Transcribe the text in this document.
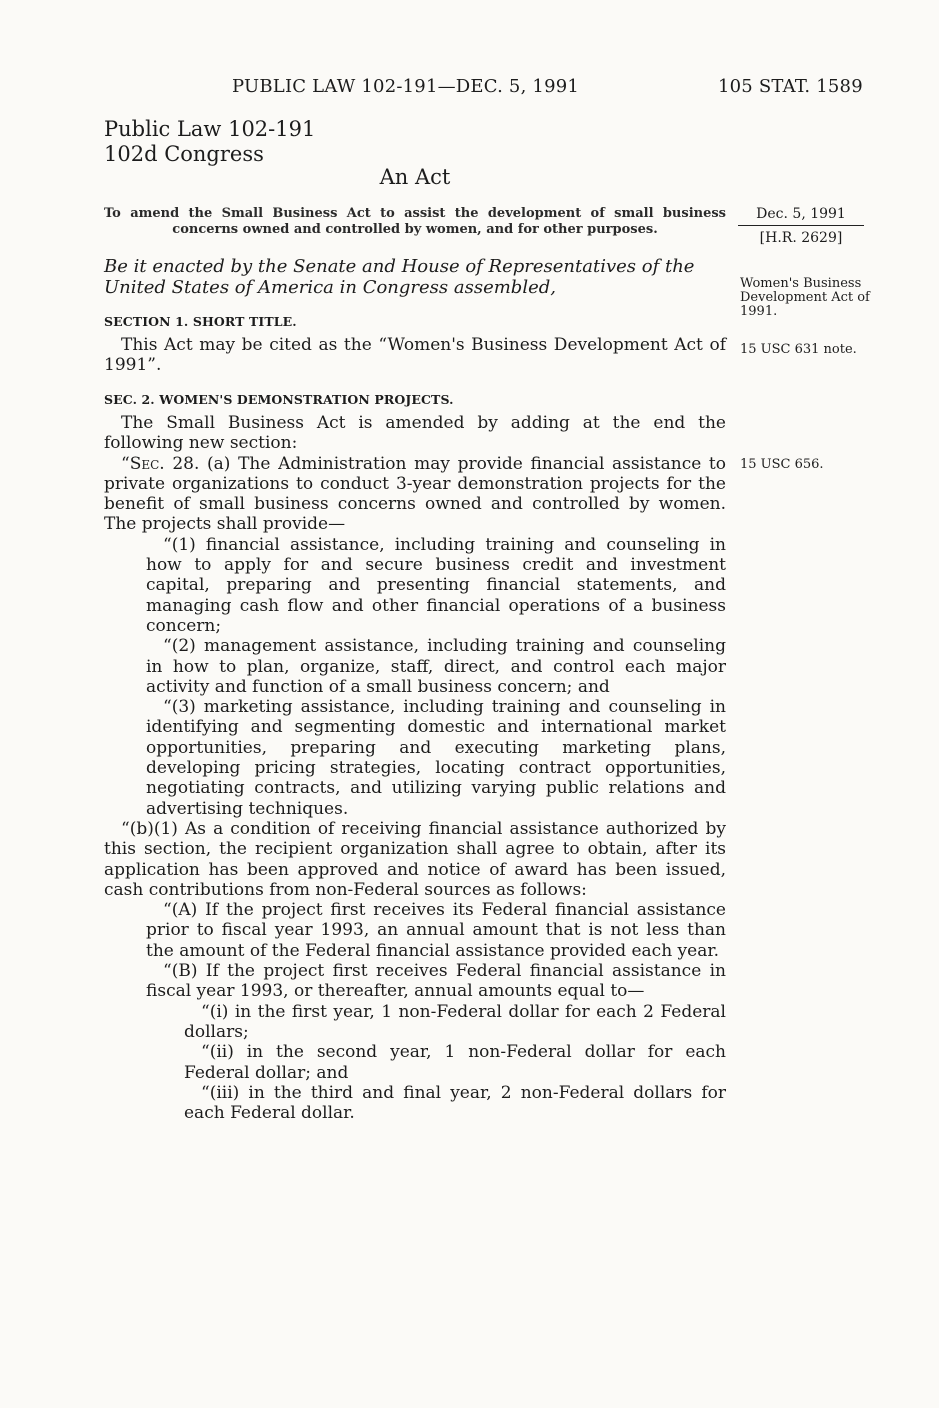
PUBLIC LAW 102-191—DEC. 5, 1991	105 STAT. 1589
Public Law 102-191
102d Congress
An Act
To amend the Small Business Act to assist the development of small business
concerns owned and controlled by women, and for other purposes.
Dec. 5, 1991
[H.R. 2629]
Be it enacted by the Senate and House of Representatives of the United States of America in Congress assembled,
SECTION 1. SHORT TITLE.
This Act may be cited as the “Women's Business Development Act of 1991”.
Women's Business Development Act of 1991.
15 USC 631 note.
15 USC 656.
SEC. 2. WOMEN'S DEMONSTRATION PROJECTS.

The Small Business Act is amended by adding at the end the following new section:

“Sec. 28. (a) The Administration may provide financial assistance to private organizations to conduct 3-year demonstration projects for the benefit of small business concerns owned and controlled by women. The projects shall provide—

“(1) financial assistance, including training and counseling in how to apply for and secure business credit and investment capital, preparing and presenting financial statements, and managing cash flow and other financial operations of a business concern;

“(2) management assistance, including training and counseling in how to plan, organize, staff, direct, and control each major activity and function of a small business concern; and

“(3) marketing assistance, including training and counseling in identifying and segmenting domestic and international market opportunities, preparing and executing marketing plans, developing pricing strategies, locating contract opportunities, negotiating contracts, and utilizing varying public relations and advertising techniques.

“(b)(1) As a condition of receiving financial assistance authorized by this section, the recipient organization shall agree to obtain, after its application has been approved and notice of award has been issued, cash contributions from non-Federal sources as follows:

“(A) If the project first receives its Federal financial assistance prior to fiscal year 1993, an annual amount that is not less than the amount of the Federal financial assistance provided each year.

“(B) If the project first receives Federal financial assistance in fiscal year 1993, or thereafter, annual amounts equal to—

“(i) in the first year, 1 non-Federal dollar for each 2 Federal dollars;

“(ii) in the second year, 1 non-Federal dollar for each Federal dollar; and

“(iii) in the third and final year, 2 non-Federal dollars for each Federal dollar.
